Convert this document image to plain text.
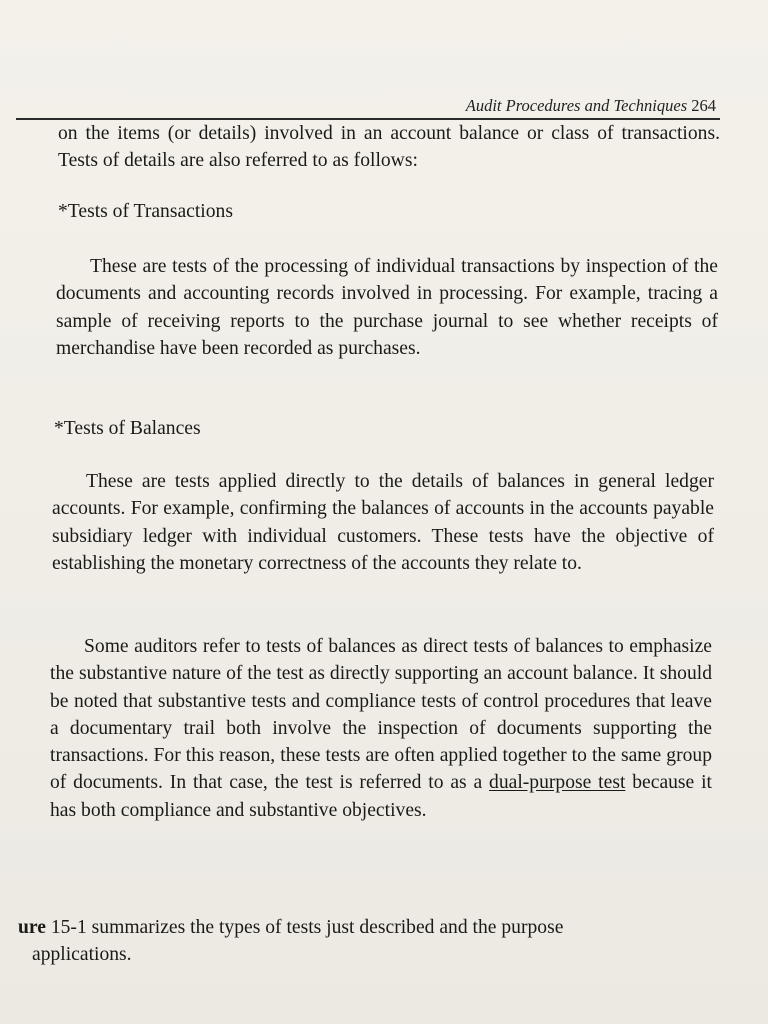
Audit Procedures and Techniques 264

on the items (or details) involved in an account balance or class of transactions. Tests of details are also referred to as follows:

*Tests of Transactions

These are tests of the processing of individual transactions by inspection of the documents and accounting records involved in processing. For example, tracing a sample of receiving reports to the purchase journal to see whether receipts of merchandise have been recorded as purchases.

*Tests of Balances

These are tests applied directly to the details of balances in general ledger accounts. For example, confirming the balances of accounts in the accounts payable subsidiary ledger with individual customers. These tests have the objective of establishing the monetary correctness of the accounts they relate to.

Some auditors refer to tests of balances as direct tests of balances to emphasize the substantive nature of the test as directly supporting an account balance. It should be noted that substantive tests and compliance tests of control procedures that leave a documentary trail both involve the inspection of documents supporting the transactions. For this reason, these tests are often applied together to the same group of documents. In that case, the test is referred to as a dual-purpose test because it has both compliance and substantive objectives.

ure 15-1 summarizes the types of tests just described and the purpose
applications.
